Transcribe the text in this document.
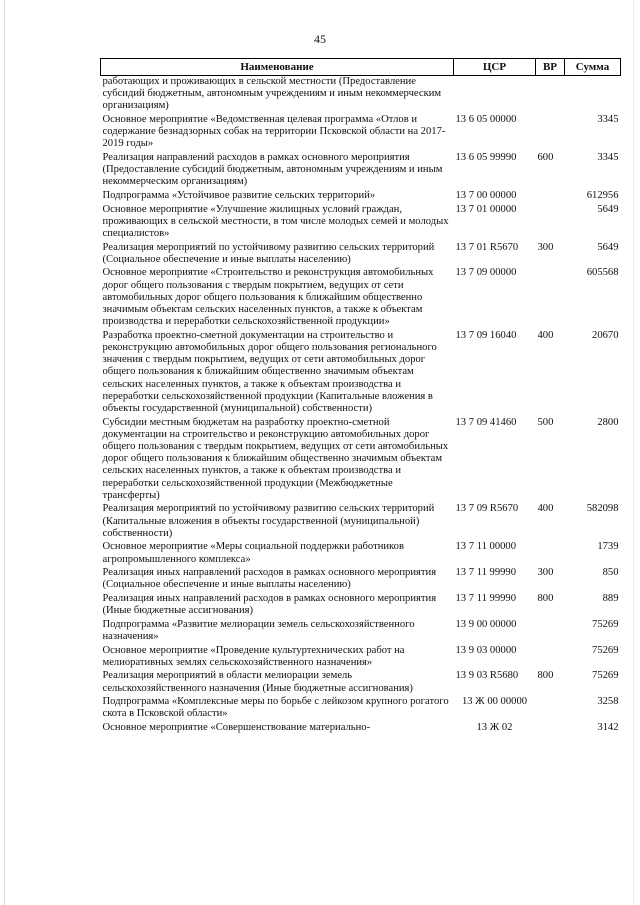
45
Наименование	ЦСР	ВР	Сумма
работающих и проживающих в сельской местности (Предоставление субсидий бюджетным, автономным учреждениям и иным некоммерческим организациям)			
Основное мероприятие «Ведомственная целевая программа «Отлов и содержание безнадзорных собак на территории Псковской области на 2017-2019 годы»	13 6 05 00000		3345
Реализация направлений расходов в рамках основного мероприятия (Предоставление субсидий бюджетным, автономным учреждениям и иным некоммерческим организациям)	13 6 05 99990	600	3345
Подпрограмма «Устойчивое развитие сельских территорий»	13 7 00 00000		612956
Основное мероприятие «Улучшение жилищных условий граждан, проживающих в сельской местности, в том числе молодых семей и молодых специалистов»	13 7 01 00000		5649
Реализация мероприятий по устойчивому развитию сельских территорий (Социальное обеспечение и иные выплаты населению)	13 7 01 R5670	300	5649
Основное мероприятие «Строительство и реконструкция автомобильных дорог общего пользования с твердым покрытием, ведущих от сети автомобильных дорог общего пользования к ближайшим общественно значимым объектам сельских населенных пунктов, а также к объектам производства и переработки сельскохозяйственной продукции»	13 7 09 00000		605568
Разработка проектно-сметной документации на строительство и реконструкцию автомобильных дорог общего пользования регионального значения с твердым покрытием, ведущих от сети автомобильных дорог общего пользования к ближайшим общественно значимым объектам сельских населенных пунктов, а также к объектам производства и переработки сельскохозяйственной продукции (Капитальные вложения в объекты государственной (муниципальной) собственности)	13 7 09 16040	400	20670
Субсидии местным бюджетам на разработку проектно-сметной документации на строительство и реконструкцию автомобильных дорог общего пользования с твердым покрытием, ведущих от сети автомобильных дорог общего пользования к ближайшим общественно значимым объектам сельских населенных пунктов, а также к объектам производства и переработки сельскохозяйственной продукции (Межбюджетные трансферты)	13 7 09 41460	500	2800
Реализация мероприятий по устойчивому развитию сельских территорий (Капитальные вложения в объекты государственной (муниципальной) собственности)	13 7 09 R5670	400	582098
Основное мероприятие «Меры социальной поддержки работников агропромышленного комплекса»	13 7 11 00000		1739
Реализация иных направлений расходов в рамках основного мероприятия (Социальное обеспечение и иные выплаты населению)	13 7 11 99990	300	850
Реализация иных направлений расходов в рамках основного мероприятия (Иные бюджетные ассигнования)	13 7 11 99990	800	889
Подпрограмма «Развитие мелиорации земель сельскохозяйственного назначения»	13 9 00 00000		75269
Основное мероприятие «Проведение культуртехнических работ на мелиоративных землях сельскохозяйственного назначения»	13 9 03 00000		75269
Реализация мероприятий в области мелиорации земель сельскохозяйственного назначения (Иные бюджетные ассигнования)	13 9 03 R5680	800	75269
Подпрограмма «Комплексные меры по борьбе с лейкозом крупного рогатого скота в Псковской области»	13 Ж 00 00000		3258
Основное мероприятие «Совершенствование материально-	13 Ж 02		3142
